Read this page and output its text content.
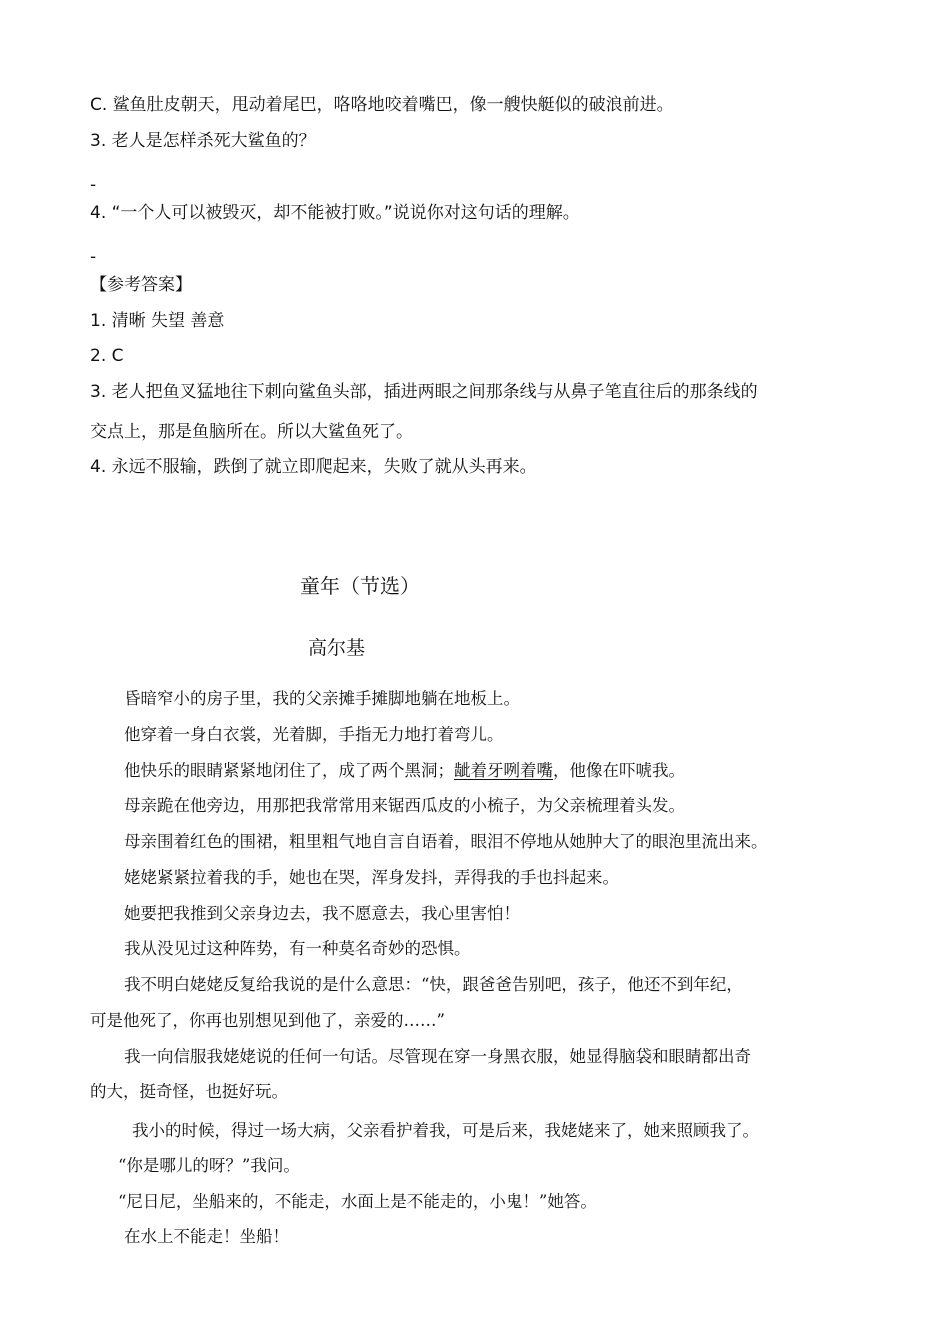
C. 鲨鱼肚皮朝天，甩动着尾巴，咯咯地咬着嘴巴，像一艘快艇似的破浪前进。
3. 老人是怎样杀死大鲨鱼的？
-
4. “一个人可以被毁灭，却不能被打败。”说说你对这句话的理解。
-
【参考答案】
1. 清晰 失望 善意
2. C
3. 老人把鱼叉猛地往下刺向鲨鱼头部，插进两眼之间那条线与从鼻子笔直往后的那条线的
交点上，那是鱼脑所在。所以大鲨鱼死了。
4. 永远不服输，跌倒了就立即爬起来，失败了就从头再来。
童年（节选）
高尔基
昏暗窄小的房子里，我的父亲摊手摊脚地躺在地板上。
他穿着一身白衣裳，光着脚，手指无力地打着弯儿。
他快乐的眼睛紧紧地闭住了，成了两个黑洞；龇着牙咧着嘴，他像在吓唬我。
母亲跪在他旁边，用那把我常常用来锯西瓜皮的小梳子，为父亲梳理着头发。
母亲围着红色的围裙，粗里粗气地自言自语着，眼泪不停地从她肿大了的眼泡里流出来。
姥姥紧紧拉着我的手，她也在哭，浑身发抖，弄得我的手也抖起来。
她要把我推到父亲身边去，我不愿意去，我心里害怕！
我从没见过这种阵势，有一种莫名奇妙的恐惧。
我不明白姥姥反复给我说的是什么意思：“快，跟爸爸告别吧，孩子，他还不到年纪，
可是他死了，你再也别想见到他了，亲爱的……”
我一向信服我姥姥说的任何一句话。尽管现在穿一身黑衣服，她显得脑袋和眼睛都出奇
的大，挺奇怪，也挺好玩。
我小的时候，得过一场大病，父亲看护着我，可是后来，我姥姥来了，她来照顾我了。
“你是哪儿的呀？”我问。
“尼日尼，坐船来的，不能走，水面上是不能走的，小鬼！”她答。
在水上不能走！坐船！
